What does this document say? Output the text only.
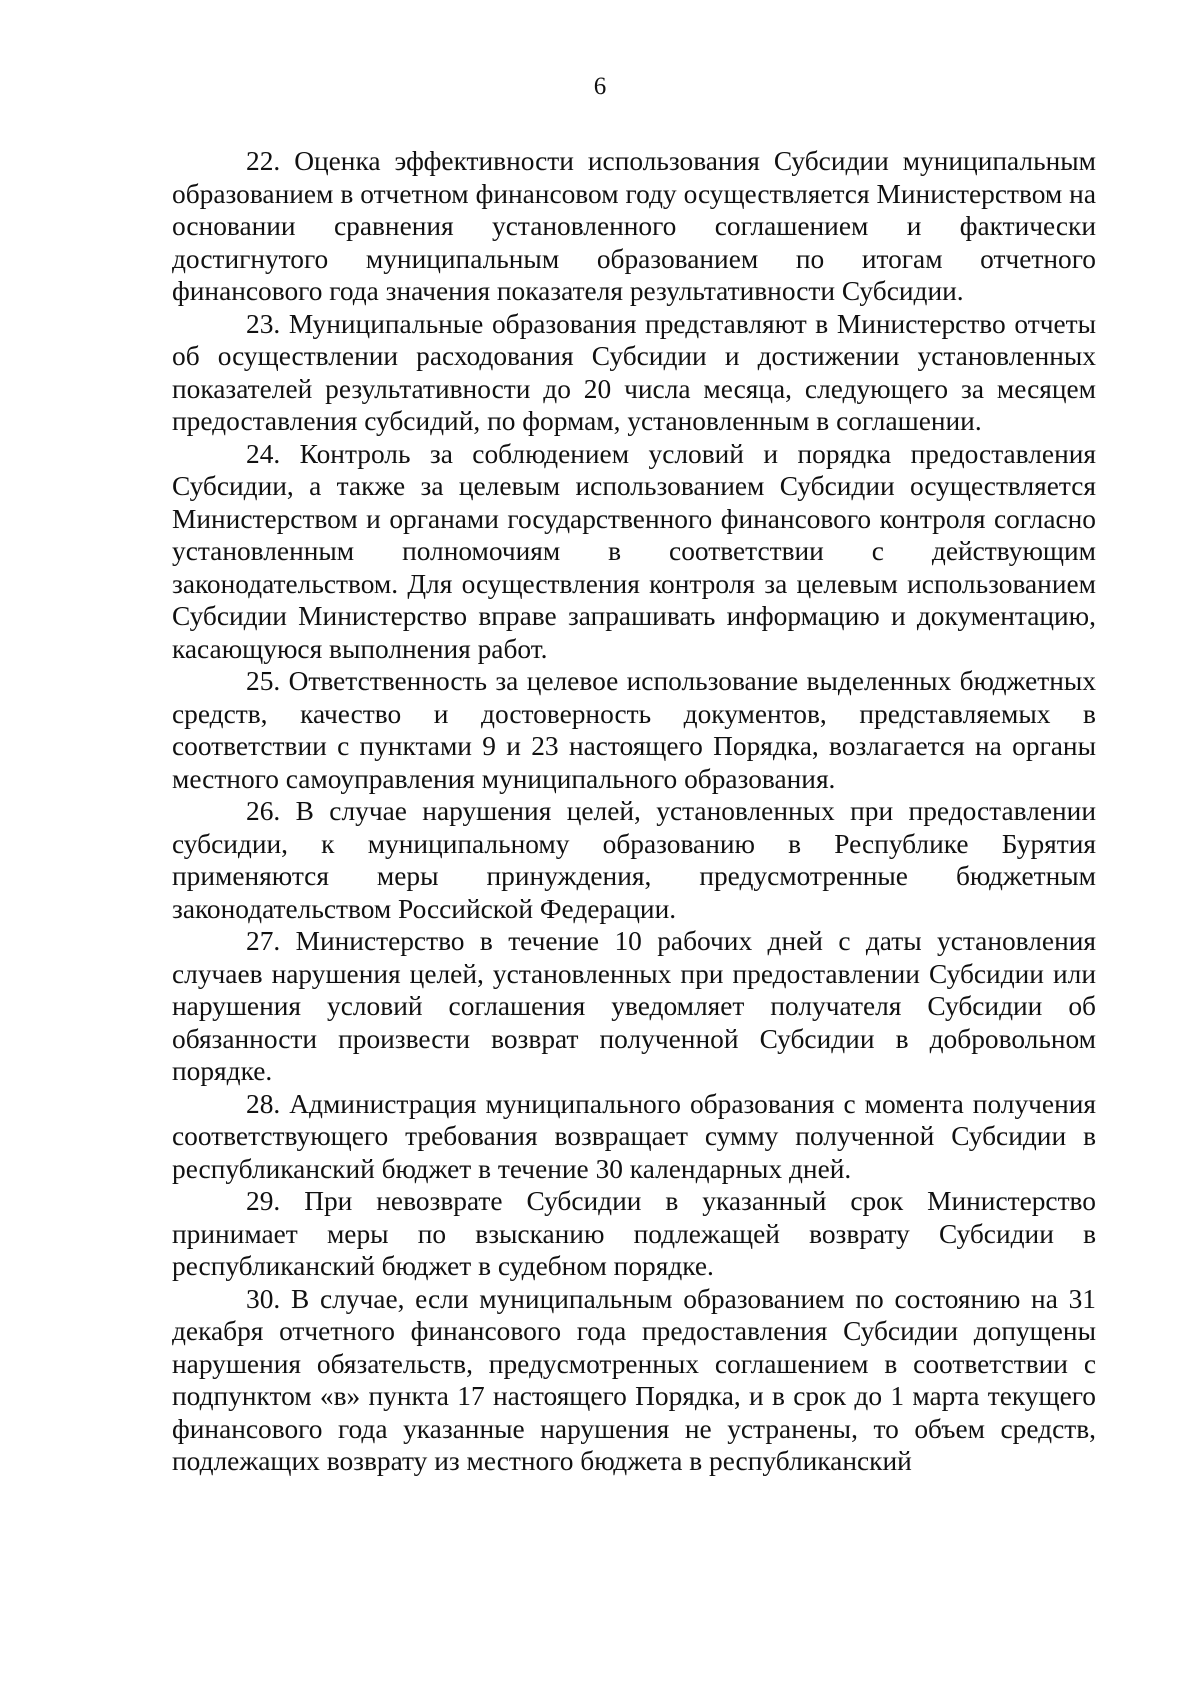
6

22. Оценка эффективности использования Субсидии муниципальным образованием в отчетном финансовом году осуществляется Министерством на основании сравнения установленного соглашением и фактически достигнутого муниципальным образованием по итогам отчетного финансового года значения показателя результативности Субсидии.

23. Муниципальные образования представляют в Министерство отчеты об осуществлении расходования Субсидии и достижении установленных показателей результативности до 20 числа месяца, следующего за месяцем предоставления субсидий, по формам, установленным в соглашении.

24. Контроль за соблюдением условий и порядка предоставления Субсидии, а также за целевым использованием Субсидии осуществляется Министерством и органами государственного финансового контроля согласно установленным полномочиям в соответствии с действующим законодательством. Для осуществления контроля за целевым использованием Субсидии Министерство вправе запрашивать информацию и документацию, касающуюся выполнения работ.

25. Ответственность за целевое использование выделенных бюджетных средств, качество и достоверность документов, представляемых в соответствии с пунктами 9 и 23 настоящего Порядка, возлагается на органы местного самоуправления муниципального образования.

26. В случае нарушения целей, установленных при предоставлении субсидии, к муниципальному образованию в Республике Бурятия применяются меры принуждения, предусмотренные бюджетным законодательством Российской Федерации.

27. Министерство в течение 10 рабочих дней с даты установления случаев нарушения целей, установленных при предоставлении Субсидии или нарушения условий соглашения уведомляет получателя Субсидии об обязанности произвести возврат полученной Субсидии в добровольном порядке.

28. Администрация муниципального образования с момента получения соответствующего требования возвращает сумму полученной Субсидии в республиканский бюджет в течение 30 календарных дней.

29. При невозврате Субсидии в указанный срок Министерство принимает меры по взысканию подлежащей возврату Субсидии в республиканский бюджет в судебном порядке.

30. В случае, если муниципальным образованием по состоянию на 31 декабря отчетного финансового года предоставления Субсидии допущены нарушения обязательств, предусмотренных соглашением в соответствии с подпунктом «в» пункта 17 настоящего Порядка, и в срок до 1 марта текущего финансового года указанные нарушения не устранены, то объем средств, подлежащих возврату из местного бюджета в республиканский
